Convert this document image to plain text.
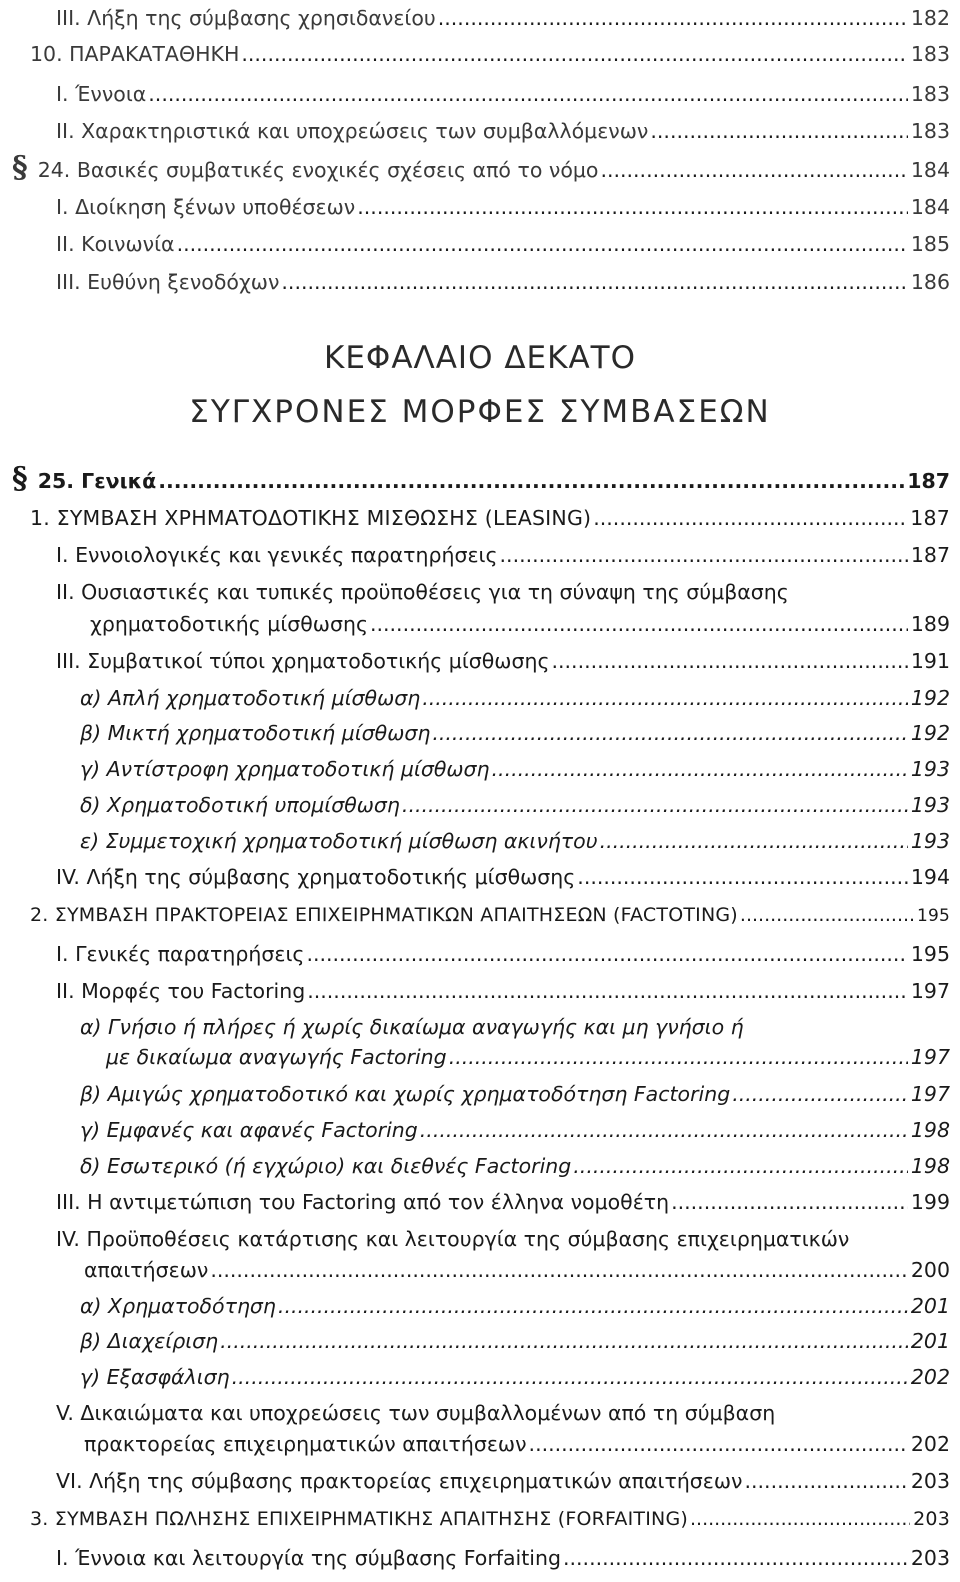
III. Λήξη της σύμβασης χρησιδανείου .....	182
10. ΠΑΡΑΚΑΤΑΘΗΚΗ .....	183
I. Έννοια .....	183
II. Χαρακτηριστικά και υποχρεώσεις των συμβαλλόμενων .....	183
§ 24. Βασικές συμβατικές ενοχικές σχέσεις από το νόμο .....	184
I. Διοίκηση ξένων υποθέσεων .....	184
II. Κοινωνία .....	185
III. Ευθύνη ξενοδόχων .....	186
ΚΕΦΑΛΑΙΟ ΔΕΚΑΤΟ
ΣΥΓΧΡΟΝΕΣ ΜΟΡΦΕΣ ΣΥΜΒΑΣΕΩΝ
§ 25. Γενικά .....	187
1. ΣΥΜΒΑΣΗ ΧΡΗΜΑΤΟΔΟΤΙΚΗΣ ΜΙΣΘΩΣΗΣ (LEASING) .....	187
I. Εννοιολογικές και γενικές παρατηρήσεις .....	187
II. Ουσιαστικές και τυπικές προϋποθέσεις για τη σύναψη της σύμβασης
χρηματοδοτικής μίσθωσης .....	189
III. Συμβατικοί τύποι χρηματοδοτικής μίσθωσης .....	191
α) Απλή χρηματοδοτική μίσθωση .....	192
β) Μικτή χρηματοδοτική μίσθωση .....	192
γ) Αντίστροφη χρηματοδοτική μίσθωση .....	193
δ) Χρηματοδοτική υπομίσθωση .....	193
ε) Συμμετοχική χρηματοδοτική μίσθωση ακινήτου .....	193
IV. Λήξη της σύμβασης χρηματοδοτικής μίσθωσης .....	194
2. ΣΥΜΒΑΣΗ ΠΡΑΚΤΟΡΕΙΑΣ ΕΠΙΧΕΙΡΗΜΑΤΙΚΩΝ ΑΠΑΙΤΗΣΕΩΝ (FACTOTING) .....	195
I. Γενικές παρατηρήσεις .....	195
II. Μορφές του Factoring .....	197
α) Γνήσιο ή πλήρες ή χωρίς δικαίωμα αναγωγής και μη γνήσιο ή
με δικαίωμα αναγωγής Factoring .....	197
β) Αμιγώς χρηματοδοτικό και χωρίς χρηματοδότηση Factoring .....	197
γ) Εμφανές και αφανές Factoring .....	198
δ) Εσωτερικό (ή εγχώριο) και διεθνές Factoring .....	198
III. Η αντιμετώπιση του Factoring από τον έλληνα νομοθέτη .....	199
IV. Προϋποθέσεις κατάρτισης και λειτουργία της σύμβασης επιχειρηματικών
απαιτήσεων .....	200
α) Χρηματοδότηση .....	201
β) Διαχείριση .....	201
γ) Εξασφάλιση .....	202
V. Δικαιώματα και υποχρεώσεις των συμβαλλομένων από τη σύμβαση
πρακτορείας επιχειρηματικών απαιτήσεων .....	202
VI. Λήξη της σύμβασης πρακτορείας επιχειρηματικών απαιτήσεων .....	203
3. ΣΥΜΒΑΣΗ ΠΩΛΗΣΗΣ ΕΠΙΧΕΙΡΗΜΑΤΙΚΗΣ ΑΠΑΙΤΗΣΗΣ (FORFAITING) .....	203
I. Έννοια και λειτουργία της σύμβασης Forfaiting .....	203
